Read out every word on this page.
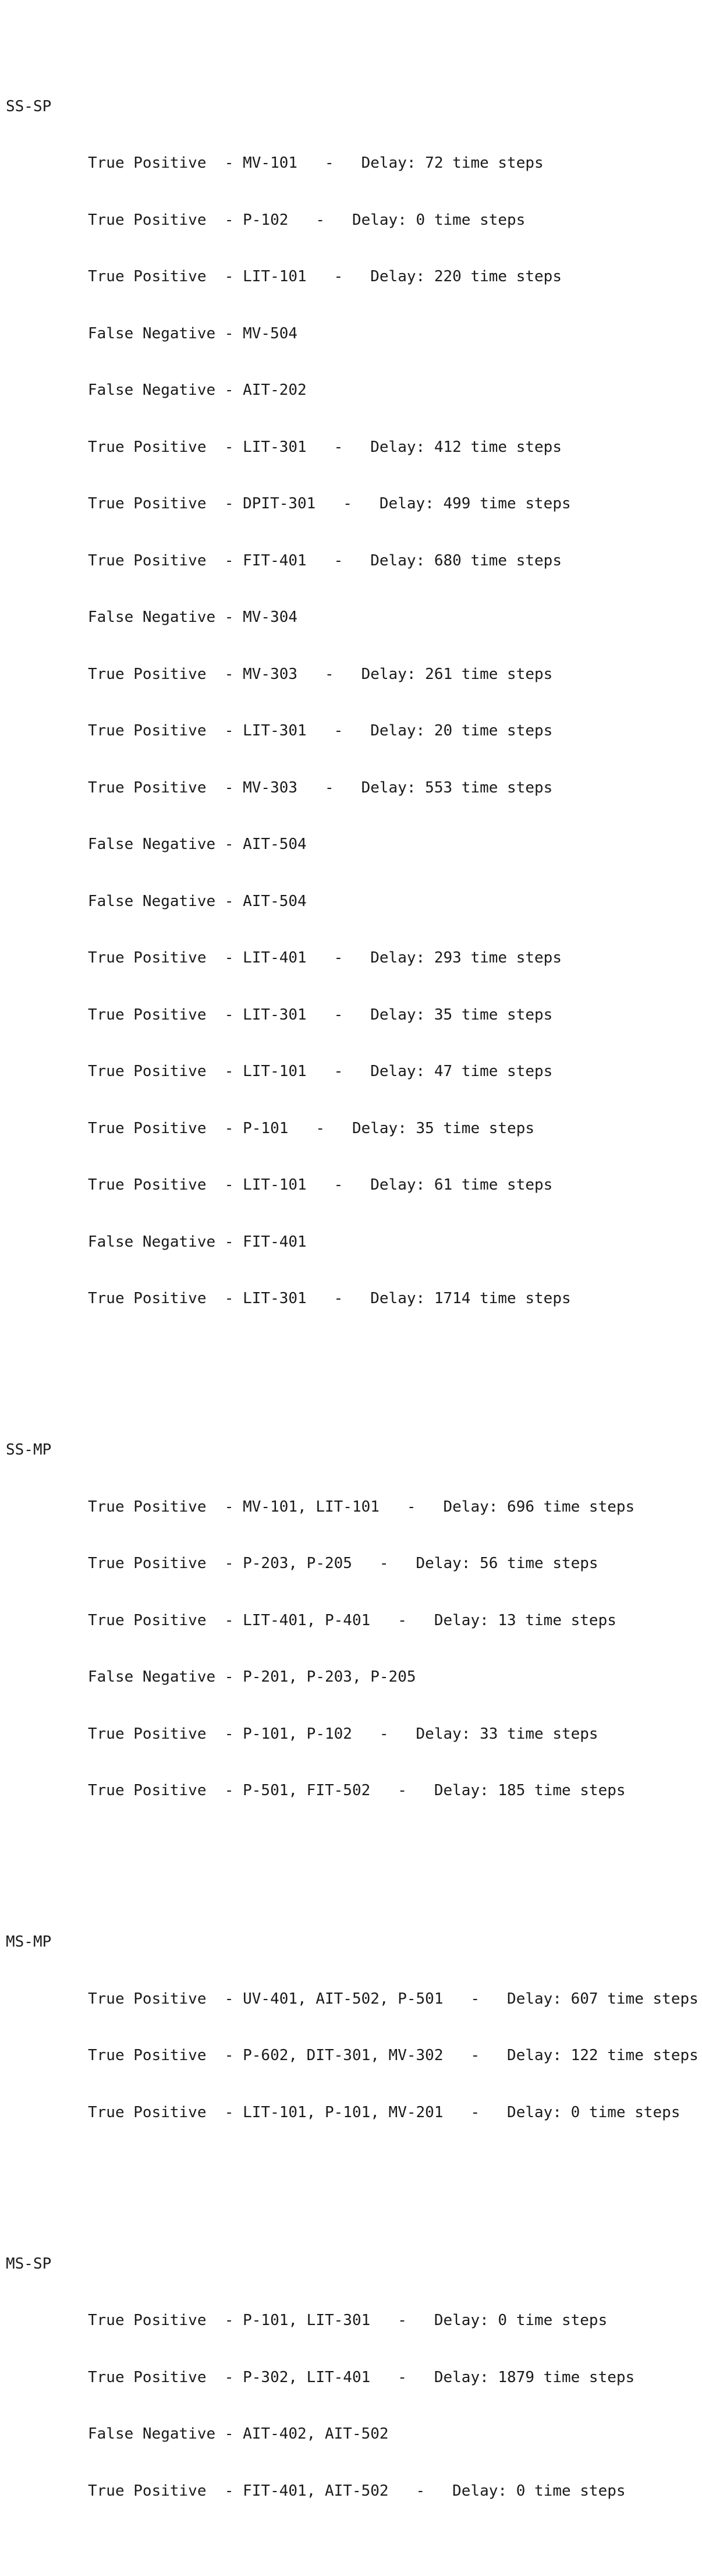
SS-SP

True Positive  - MV-101   -   Delay: 72 time steps

True Positive  - P-102   -   Delay: 0 time steps

True Positive  - LIT-101   -   Delay: 220 time steps

False Negative - MV-504

False Negative - AIT-202

True Positive  - LIT-301   -   Delay: 412 time steps

True Positive  - DPIT-301   -   Delay: 499 time steps

True Positive  - FIT-401   -   Delay: 680 time steps

False Negative - MV-304

True Positive  - MV-303   -   Delay: 261 time steps

True Positive  - LIT-301   -   Delay: 20 time steps

True Positive  - MV-303   -   Delay: 553 time steps

False Negative - AIT-504

False Negative - AIT-504

True Positive  - LIT-401   -   Delay: 293 time steps

True Positive  - LIT-301   -   Delay: 35 time steps

True Positive  - LIT-101   -   Delay: 47 time steps

True Positive  - P-101   -   Delay: 35 time steps

True Positive  - LIT-101   -   Delay: 61 time steps

False Negative - FIT-401

True Positive  - LIT-301   -   Delay: 1714 time steps

SS-MP

True Positive  - MV-101, LIT-101   -   Delay: 696 time steps

True Positive  - P-203, P-205   -   Delay: 56 time steps

True Positive  - LIT-401, P-401   -   Delay: 13 time steps

False Negative - P-201, P-203, P-205

True Positive  - P-101, P-102   -   Delay: 33 time steps

True Positive  - P-501, FIT-502   -   Delay: 185 time steps

MS-MP

True Positive  - UV-401, AIT-502, P-501   -   Delay: 607 time steps

True Positive  - P-602, DIT-301, MV-302   -   Delay: 122 time steps

True Positive  - LIT-101, P-101, MV-201   -   Delay: 0 time steps

MS-SP

True Positive  - P-101, LIT-301   -   Delay: 0 time steps

True Positive  - P-302, LIT-401   -   Delay: 1879 time steps

False Negative - AIT-402, AIT-502

True Positive  - FIT-401, AIT-502   -   Delay: 0 time steps
